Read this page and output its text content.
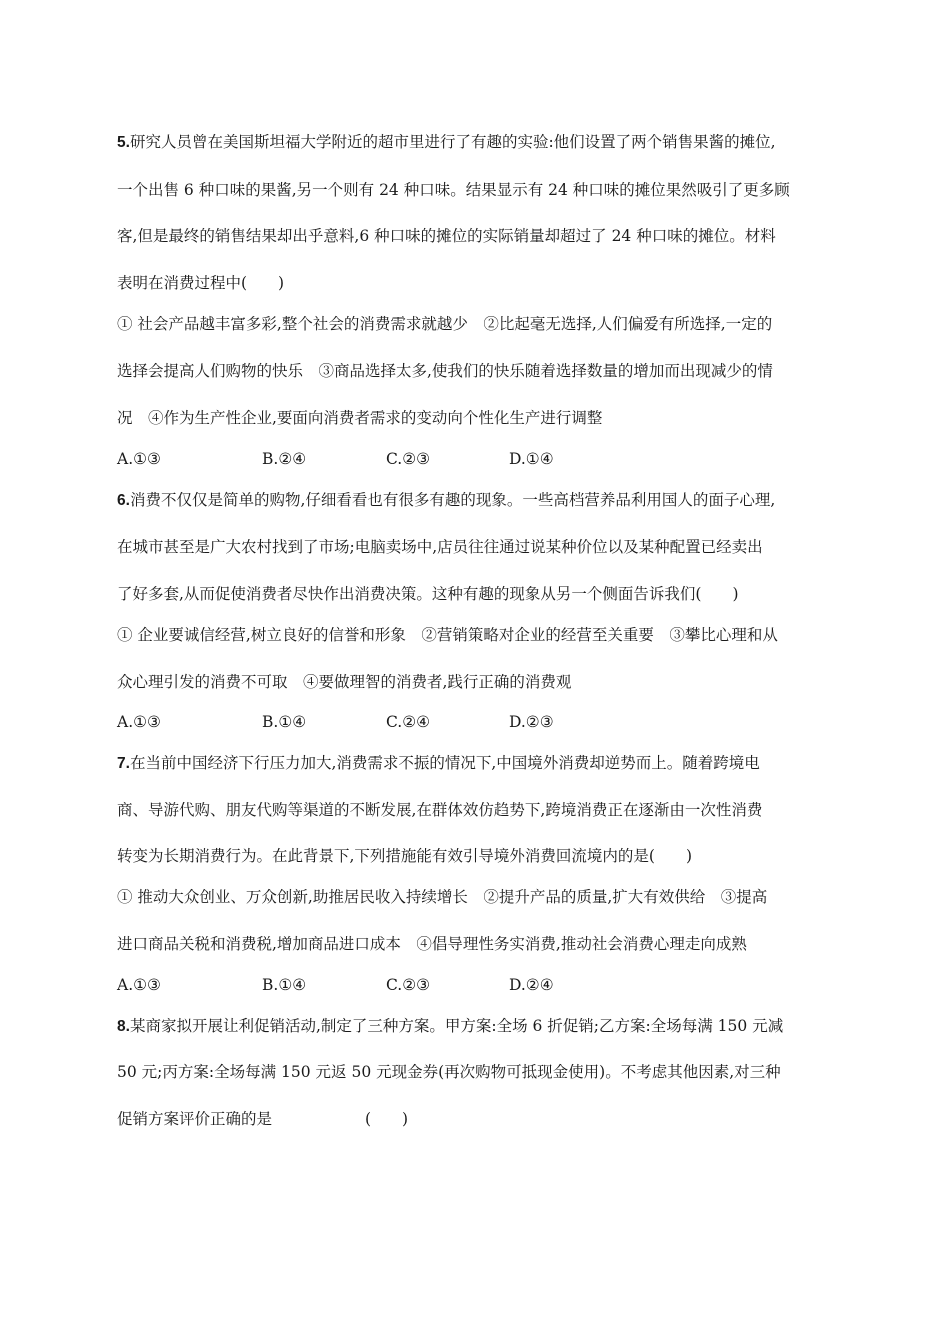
5.研究人员曾在美国斯坦福大学附近的超市里进行了有趣的实验:他们设置了两个销售果酱的摊位,
一个出售 6 种口味的果酱,另一个则有 24 种口味。结果显示有 24 种口味的摊位果然吸引了更多顾
客,但是最终的销售结果却出乎意料,6 种口味的摊位的实际销量却超过了 24 种口味的摊位。材料
表明在消费过程中(　　)
① 社会产品越丰富多彩,整个社会的消费需求就越少　②比起毫无选择,人们偏爱有所选择,一定的
选择会提高人们购物的快乐　③商品选择太多,使我们的快乐随着选择数量的增加而出现减少的情
况　④作为生产性企业,要面向消费者需求的变动向个性化生产进行调整
A.①③	B.②④	C.②③	D.①④
6.消费不仅仅是简单的购物,仔细看看也有很多有趣的现象。一些高档营养品利用国人的面子心理,
在城市甚至是广大农村找到了市场;电脑卖场中,店员往往通过说某种价位以及某种配置已经卖出
了好多套,从而促使消费者尽快作出消费决策。这种有趣的现象从另一个侧面告诉我们(　　)
① 企业要诚信经营,树立良好的信誉和形象　②营销策略对企业的经营至关重要　③攀比心理和从
众心理引发的消费不可取　④要做理智的消费者,践行正确的消费观
A.①③	B.①④	C.②④	D.②③
7.在当前中国经济下行压力加大,消费需求不振的情况下,中国境外消费却逆势而上。随着跨境电
商、导游代购、朋友代购等渠道的不断发展,在群体效仿趋势下,跨境消费正在逐渐由一次性消费
转变为长期消费行为。在此背景下,下列措施能有效引导境外消费回流境内的是(　　)
① 推动大众创业、万众创新,助推居民收入持续增长　②提升产品的质量,扩大有效供给　③提高
进口商品关税和消费税,增加商品进口成本　④倡导理性务实消费,推动社会消费心理走向成熟
A.①③	B.①④	C.②③	D.②④
8.某商家拟开展让利促销活动,制定了三种方案。甲方案:全场 6 折促销;乙方案:全场每满 150 元减
50 元;丙方案:全场每满 150 元返 50 元现金券(再次购物可抵现金使用)。不考虑其他因素,对三种
促销方案评价正确的是　　　　　　(　　)
